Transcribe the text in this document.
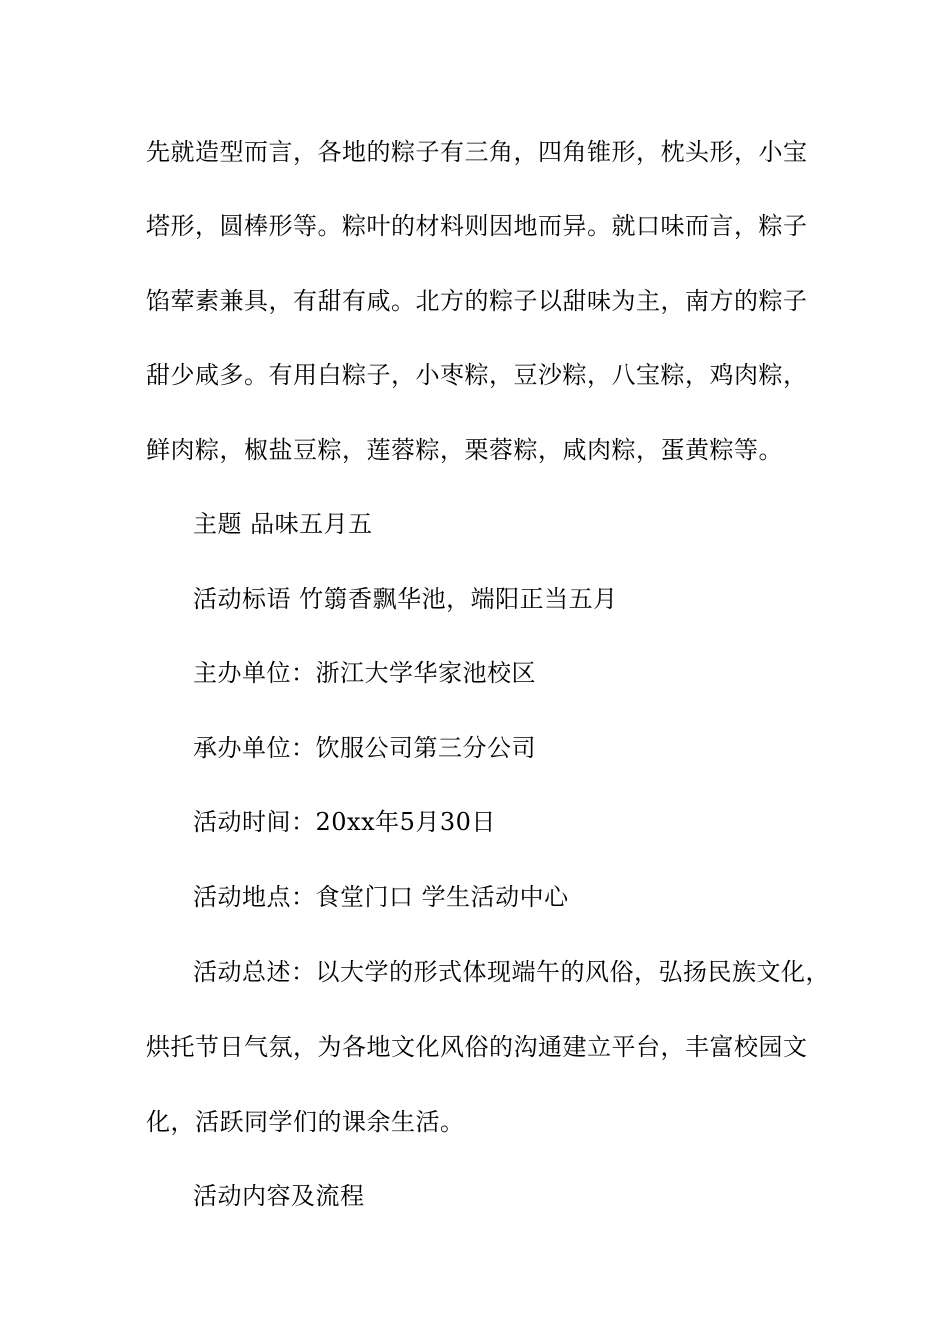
先就造型而言，各地的粽子有三角，四角锥形，枕头形，小宝
塔形，圆棒形等。粽叶的材料则因地而异。就口味而言，粽子
馅荤素兼具，有甜有咸。北方的粽子以甜味为主，南方的粽子
甜少咸多。有用白粽子，小枣粽，豆沙粽，八宝粽，鸡肉粽，
鲜肉粽，椒盐豆粽，莲蓉粽，栗蓉粽，咸肉粽，蛋黄粽等。
主题 品味五月五
活动标语 竹篛香飘华池，端阳正当五月
主办单位：浙江大学华家池校区
承办单位：饮服公司第三分公司
活动时间：20xx年5月30日
活动地点：食堂门口 学生活动中心
活动总述：以大学的形式体现端午的风俗，弘扬民族文化，
烘托节日气氛，为各地文化风俗的沟通建立平台，丰富校园文
化，活跃同学们的课余生活。
活动内容及流程
